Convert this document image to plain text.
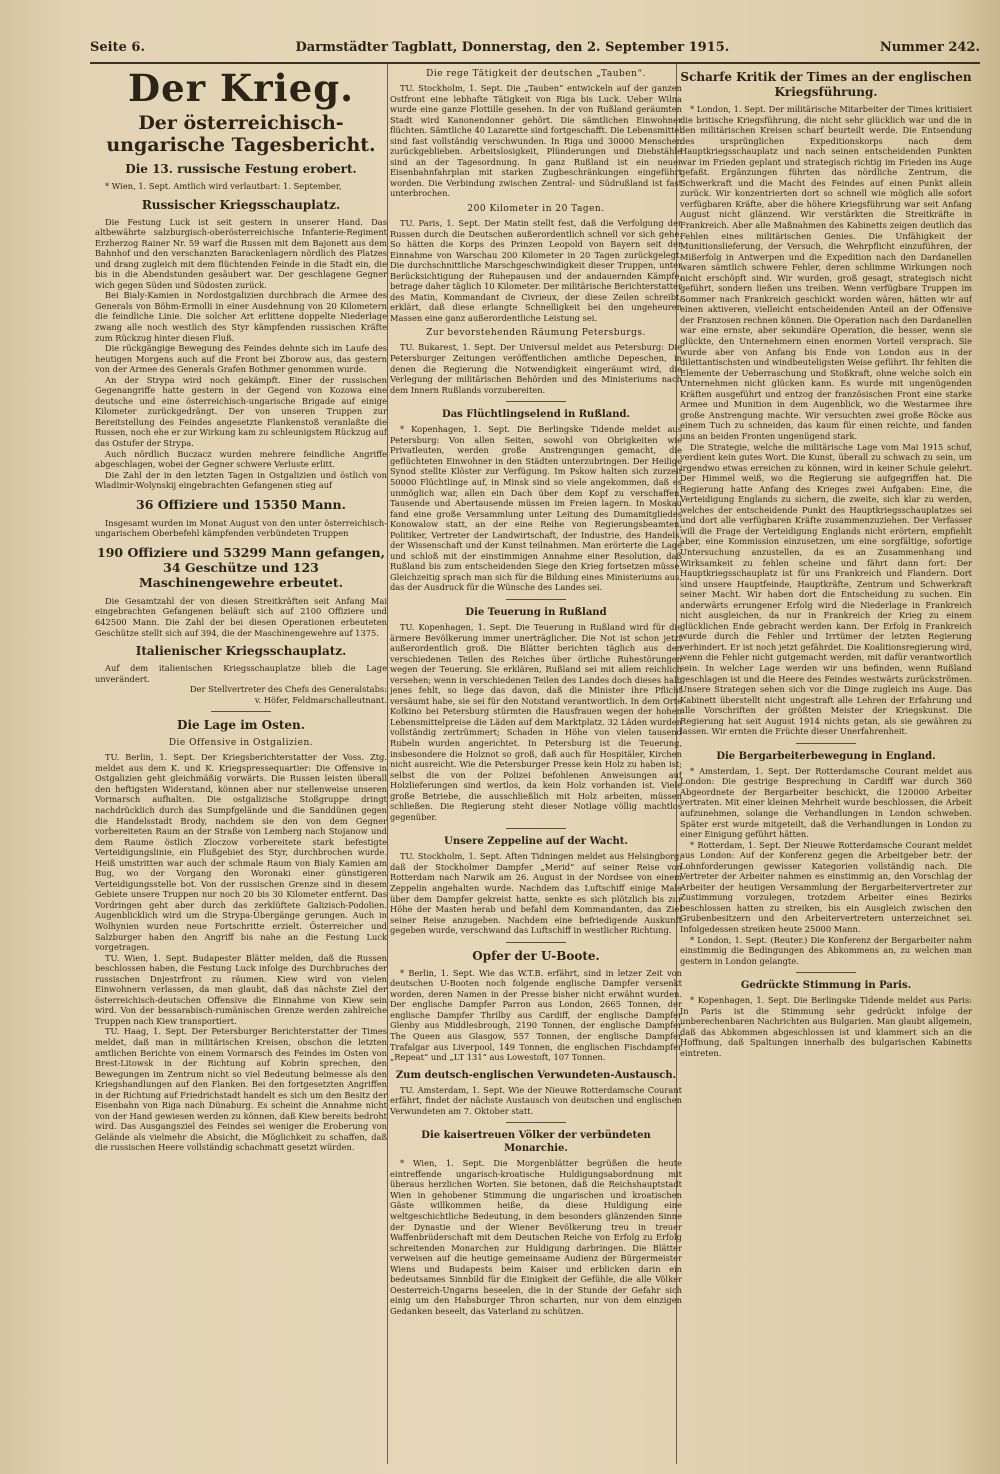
Seite 6.	Darmstädter Tagblatt, Donnerstag, den 2. September 1915.	Nummer 242.
Der Krieg.
Der österreichisch-ungarische Tagesbericht.
Die 13. russische Festung erobert.

* Wien, 1. Sept. Amtlich wird verlautbart: 1. September,

Russischer Kriegsschauplatz.

Die Festung Luck ist seit gestern in unserer Hand. Das altbewährte salzburgisch-oberösterreichische Infanterie-Regiment Erzherzog Rainer Nr. 59 warf die Russen mit dem Bajonett aus dem Bahnhof und den verschanzten Barackenlagern nördlich des Platzes und drang zugleich mit dem flüchtenden Feinde in die Stadt ein, die bis in die Abendstunden gesäubert war. Der geschlagene Gegner wich gegen Süden und Südosten zurück.

Bei Bialy-Kamien in Nordostgalizien durchbrach die Armee des Generals von Böhm-Ermolli in einer Ausdehnung von 20 Kilometern die feindliche Linie. Die solcher Art erlittene doppelte Niederlage zwang alle noch westlich des Styr kämpfenden russischen Kräfte zum Rückzug hinter diesen Fluß.

Die rückgängige Bewegung des Feindes dehnte sich im Laufe des heutigen Morgens auch auf die Front bei Zborow aus, das gestern von der Armee des Generals Grafen Bothmer genommen wurde.

An der Strypa wird noch gekämpft. Einer der russischen Gegenangriffe hatte gestern in der Gegend von Kozowa eine deutsche und eine österreichisch-ungarische Brigade auf einige Kilometer zurückgedrängt. Der von unseren Truppen zur Bereitstellung des Feindes angesetzte Flankenstoß veranlaßte die Russen, noch ehe er zur Wirkung kam zu schleunigstem Rückzug auf das Ostufer der Strypa.

Auch nördlich Buczacz wurden mehrere feindliche Angriffe abgeschlagen, wobei der Gegner schwere Verluste erlitt.

Die Zahl der in den letzten Tagen in Ostgalizien und östlich von Wladimir-Wolynskij eingebrachten Gefangenen stieg auf

36 Offiziere und 15350 Mann.

Insgesamt wurden im Monat August von den unter österreichisch-ungarischem Oberbefehl kämpfenden verbündeten Truppen

190 Offiziere und 53299 Mann gefangen, 34 Geschütze und 123 Maschinengewehre erbeutet.

Die Gesamtzahl der von diesen Streitkräften seit Anfang Mai eingebrachten Gefangenen beläuft sich auf 2100 Offiziere und 642500 Mann. Die Zahl der bei diesen Operationen erbeuteten Geschütze stellt sich auf 394, die der Maschinengewehre auf 1375.

Italienischer Kriegsschauplatz.

Auf dem italienischen Kriegsschauplatze blieb die Lage unverändert.

Der Stellvertreter des Chefs des Generalstabs:
v. Höfer, Feldmarschalleutnant.
Die Lage im Osten.
Die Offensive in Ostgalizien.

TU. Berlin, 1. Sept. Der Kriegsberichterstatter der Voss. Ztg. meldet aus dem K. und K. Kriegspressequartier: Die Offensive in Ostgalizien geht gleichmäßig vorwärts. Die Russen leisten überall den heftigsten Widerstand, können aber nur stellenweise unseren Vormarsch aufhalten. Die ostgalizische Stoßgruppe dringt nachdrücklich durch das Sumpfgelände und die Sanddünen gegen die Handelsstadt Brody, nachdem sie den von dem Gegner vorbereiteten Raum an der Straße von Lemberg nach Stojanow und dem Raume östlich Zloczow vorbereitete stark befestigte Verteidigungslinie, ein Flußgebiet des Styr, durchbrochen wurde. Heiß umstritten war auch der schmale Raum von Bialy Kamien am Bug, wo der Vorgang den Woronaki einer günstigeren Verteidigungsstelle bot. Von der russischen Grenze sind in diesem Gebiete unsere Truppen nur noch 20 bis 30 Kilometer entfernt. Das Vordringen geht aber durch das zerklüftete Galizisch-Podolien. Augenblicklich wird um die Strypa-Übergänge gerungen. Auch in Wolhynien wurden neue Fortschritte erzielt. Österreicher und Salzburger haben den Angriff bis nahe an die Festung Luck vorgetragen.

TU. Wien, 1. Sept. Budapester Blätter melden, daß die Russen beschlossen haben, die Festung Luck infolge des Durchbruches der russischen Dnjestrfront zu räumen. Kiew wird von vielen Einwohnern verlassen, da man glaubt, daß das nächste Ziel der österreichisch-deutschen Offensive die Einnahme von Kiew sein wird. Von der bessarabisch-rumänischen Grenze werden zahlreiche Truppen nach Kiew transportiert.

TU. Haag, 1. Sept. Der Petersburger Berichterstatter der Times meldet, daß man in militärischen Kreisen, obschon die letzten amtlichen Berichte von einem Vormarsch des Feindes im Osten von Brest-Litowsk in der Richtung auf Kobrin sprechen, den Bewegungen im Zentrum nicht so viel Bedeutung beimesse als den Kriegshandlungen auf den Flanken. Bei den fortgesetzten Angriffen in der Richtung auf Friedrichstadt handelt es sich um den Besitz der Eisenbahn von Riga nach Dünaburg. Es scheint die Annahme nicht von der Hand gewiesen werden zu können, daß Kiew bereits bedroht wird. Das Ausgangsziel des Feindes sei weniger die Eroberung von Gelände als vielmehr die Absicht, die Möglichkeit zu schaffen, daß die russischen Heere vollständig schachmatt gesetzt würden.

Die rege Tätigkeit der deutschen „Tauben“.

TU. Stockholm, 1. Sept. Die „Tauben“ entwickeln auf der ganzen Ostfront eine lebhafte Tätigkeit von Riga bis Luck. Ueber Wilna wurde eine ganze Flottille gesehen. In der von Rußland geräumten Stadt wird Kanonendonner gehört. Die sämtlichen Einwohner flüchten. Sämtliche 40 Lazarette sind fortgeschafft. Die Lebensmittel sind fast vollständig verschwunden. In Riga und 30000 Menschen zurückgeblieben. Arbeitslosigkeit, Plünderungen und Diebstähle sind an der Tagesordnung. In ganz Rußland ist ein neuer Eisenbahnfahrplan mit starken Zugbeschränkungen eingeführt worden. Die Verbindung zwischen Zentral- und Südrußland ist fast unterbrochen.

200 Kilometer in 20 Tagen.

TU. Paris, 1. Sept. Der Matin stellt fest, daß die Verfolgung der Russen durch die Deutschen außerordentlich schnell vor sich gehe. So hätten die Korps des Prinzen Leopold von Bayern seit der Einnahme von Warschau 200 Kilometer in 20 Tagen zurückgelegt. Die durchschnittliche Marschgeschwindigkeit dieser Truppen, unter Berücksichtigung der Ruhepausen und der andauernden Kämpfe, betrage daher täglich 10 Kilometer. Der militärische Berichterstatter des Matin, Kommandant de Civrieux, der diese Zeilen schreibt, erklärt, daß diese erlangte Schnelligkeit bei den ungeheuren Massen eine ganz außerordentliche Leistung sei.

Zur bevorstehenden Räumung Petersburgs.

TU. Bukarest, 1. Sept. Der Universul meldet aus Petersburg: Die Petersburger Zeitungen veröffentlichen amtliche Depeschen, in denen die Regierung die Notwendigkeit eingeräumt wird, die Verlegung der militärischen Behörden und des Ministeriums nach dem Innern Rußlands vorzubereiten.

Das Flüchtlingselend in Rußland.

* Kopenhagen, 1. Sept. Die Berlingske Tidende meldet aus Petersburg: Von allen Seiten, sowohl von Obrigkeiten wie Privatleuten, werden große Anstrengungen gemacht, die geflüchteten Einwohner in den Städten unterzubringen. Der Heilige Synod stellte Klöster zur Verfügung. Im Pskow halten sich zurzeit 50000 Flüchtlinge auf, in Minsk sind so viele angekommen, daß es unmöglich war, allen ein Dach über dem Kopf zu verschaffen. Tausende und Abertausende müssen im Freien lagern. In Moskau fand eine große Versammlung unter Leitung des Dumamitgliedes Konowalow statt, an der eine Reihe von Regierungsbeamten, Politiker, Vertreter der Landwirtschaft, der Industrie, des Handels, der Wissenschaft und der Kunst teilnahmen. Man erörterte die Lage und schloß mit der einstimmigen Annahme einer Resolution, daß Rußland bis zum entscheidenden Siege den Krieg fortsetzen müsse. Gleichzeitig sprach man sich für die Bildung eines Ministeriums aus, das der Ausdruck für die Wünsche des Landes sei.

Die Teuerung in Rußland

TU. Kopenhagen, 1. Sept. Die Teuerung in Rußland wird für die ärmere Bevölkerung immer unerträglicher. Die Not ist schon jetzt außerordentlich groß. Die Blätter berichten täglich aus den verschiedenen Teilen des Reiches über örtliche Ruhestörungen wegen der Teuerung. Sie erklären, Rußland sei mit allem reichlich versehen; wenn in verschiedenen Teilen des Landes doch dieses halb jenes fehlt, so liege das davon, daß die Minister ihre Pflicht versäumt habe, sie sei für den Notstand verantwortlich. In dem Orte Kolkino bei Petersburg stürmten die Hausfrauen wegen der hohen Lebensmittelpreise die Läden auf dem Marktplatz. 32 Läden wurden vollständig zertrümmert; Schaden in Höhe von vielen tausend Rubeln wurden angerichtet. In Petersburg ist die Teuerung, insbesondere die Holznot so groß, daß auch für Hospitäler, Kirchen nicht ausreicht. Wie die Petersburger Presse kein Holz zu haben ist; selbst die von der Polizei befohlenen Anweisungen auf Holzlieferungen sind wertlos, da kein Holz vorhanden ist. Viele große Betriebe, die ausschließlich mit Holz arbeiten, müssen schließen. Die Regierung steht dieser Notlage völlig machtlos gegenüber.

Unsere Zeppeline auf der Wacht.

TU. Stockholm, 1. Sept. Aften Tidningen meldet aus Helsingborg, daß der Stockholmer Dampfer „Merid“ auf seiner Reise von Rotterdam nach Narwik am 26. August in der Nordsee von einem Zeppelin angehalten wurde. Nachdem das Luftschiff einige Male über dem Dampfer gekreist hatte, senkte es sich plötzlich bis zur Höhe der Masten herab und befahl dem Kommandanten, das Ziel seiner Reise anzugeben. Nachdem eine befriedigende Auskunft gegeben wurde, verschwand das Luftschiff in westlicher Richtung.

Opfer der U-Boote.

* Berlin, 1. Sept. Wie das W.T.B. erfährt, sind in letzer Zeit von deutschen U-Booten noch folgende englische Dampfer versenkt worden, deren Namen in der Presse bisher nicht erwähnt wurden. Der englische Dampfer Parron aus London, 2665 Tonnen, der englische Dampfer Thrilby aus Cardiff, der englische Dampfer Glenby aus Middlesbrough, 2190 Tonnen, der englische Dampfer The Queen aus Glasgow, 557 Tonnen, der englische Dampfer Trafalgar aus Liverpool, 149 Tonnen, die englischen Fischdampfer „Repeat“ und „LT 131“ aus Lowestoft, 107 Tonnen.

Zum deutsch-englischen Verwundeten-Austausch.

TU. Amsterdam, 1. Sept. Wie der Nieuwe Rotterdamsche Courant erfährt, findet der nächste Austausch von deutschen und englischen Verwundeten am 7. Oktober statt.

Die kaisertreuen Völker der verbündeten Monarchie.

* Wien, 1. Sept. Die Morgenblätter begrüßen die heute eintreffende ungarisch-kroatische Huldigungsabordnung mit überaus herzlichen Worten. Sie betonen, daß die Reichshauptstadt Wien in gehobener Stimmung die ungarischen und kroatischen Gäste willkommen heiße, da diese Huldigung eine weltgeschichtliche Bedeutung, in dem besonders glänzenden Sinne der Dynastie und der Wiener Bevölkerung treu in treuer Waffenbrüderschaft mit dem Deutschen Reiche von Erfolg zu Erfolg schreitenden Monarchen zur Huldigung darbringen. Die Blätter verweisen auf die heutige gemeinsame Audienz der Bürgermeister Wiens und Budapests beim Kaiser und erblicken darin ein bedeutsames Sinnbild für die Einigkeit der Gefühle, die alle Völker Oesterreich-Ungarns beseelen, die in der Stunde der Gefahr sich einig um den Habsburger Thron scharten, nur von dem einzigen Gedanken beseelt, das Vaterland zu schützen.

Scharfe Kritik der Times an der englischen Kriegsführung.

* London, 1. Sept. Der militärische Mitarbeiter der Times kritisiert die britische Kriegsführung, die nicht sehr glücklich war und die in den militärischen Kreisen scharf beurteilt werde. Die Entsendung des ursprünglichen Expeditionskorps nach dem Hauptkriegsschauplatz und nach seinen entscheidenden Punkten war im Frieden geplant und strategisch richtig im Frieden ins Auge gefaßt. Ergänzungen führten das nördliche Zentrum, die Schwerkraft und die Macht des Feindes auf einen Punkt allein zurück. Wir konzentrierten dort so schnell wie möglich alle sofort verfügbaren Kräfte, aber die höhere Kriegsführung war seit Anfang August nicht glänzend. Wir verstärkten die Streitkräfte in Frankreich. Aber alle Maßnahmen des Kabinetts zeigen deutlich das Fehlen eines militärischen Genies. Die Unfähigkeit der Munitionslieferung, der Versuch, die Wehrpflicht einzuführen, der Mißerfolg in Antwerpen und die Expedition nach den Dardanellen waren sämtlich schwere Fehler, deren schlimme Wirkungen noch nicht erschöpft sind. Wir wurden, groß gesagt, strategisch nicht geführt, sondern ließen uns treiben. Wenn verfügbare Truppen im Sommer nach Frankreich geschickt worden wären, hätten wir auf einen aktiveren, vielleicht entscheidenden Anteil an der Offensive der Franzosen rechnen können. Die Operation nach den Dardanellen war eine ernste, aber sekundäre Operation, die besser, wenn sie glückte, den Unternehmern einen enormen Vorteil versprach. Sie wurde aber von Anfang bis Ende von London aus in der dilettantischsten und windbeuteligsten Weise geführt. Ihr fehlten die Elemente der Ueberraschung und Stoßkraft, ohne welche solch ein Unternehmen nicht glücken kann. Es wurde mit ungenügenden Kräften ausgeführt und entzog der französischen Front eine starke Armee und Munition in dem Augenblick, wo die Westarmee ihre große Anstrengung machte. Wir versuchten zwei große Röcke aus einem Tuch zu schneiden, das kaum für einen reichte, und fanden uns an beiden Fronten ungenügend stark.

Die Strategie, welche die militärische Lage vom Mai 1915 schuf, verdient kein gutes Wort. Die Kunst, überall zu schwach zu sein, um irgendwo etwas erreichen zu können, wird in keiner Schule gelehrt. Der Himmel weiß, wo die Regierung sie aufgegriffen hat. Die Regierung hatte Anfang des Krieges zwei Aufgaben: Eine, die Verteidigung Englands zu sichern, die zweite, sich klar zu werden, welches der entscheidende Punkt des Hauptkriegsschauplatzes sei und dort alle verfügbaren Kräfte zusammenzuziehen. Der Verfasser will die Frage der Verteidigung Englands nicht erörtern, empfiehlt aber, eine Kommission einzusetzen, um eine sorgfältige, sofortige Untersuchung anzustellen, da es an Zusammenhang und Wirksamkeit zu fehlen scheine und fährt dann fort: Der Hauptkriegsschauplatz ist für uns Frankreich und Flandern. Dort sind unsere Hauptfeinde, Hauptkräfte, Zentrum und Schwerkraft seiner Macht. Wir haben dort die Entscheidung zu suchen. Ein anderwärts errungener Erfolg wird die Niederlage in Frankreich nicht ausgleichen, da nur in Frankreich der Krieg zu einem glücklichen Ende gebracht werden kann. Der Erfolg in Frankreich wurde durch die Fehler und Irrtümer der letzten Regierung verhindert. Er ist noch jetzt gefährdet. Die Koalitionsregierung wird, wenn die Fehler nicht gutgemacht werden, mit dafür verantwortlich sein. In welcher Lage werden wir uns befinden, wenn Rußland geschlagen ist und die Heere des Feindes westwärts zurückströmen. Unsere Strategen sehen sich vor die Dinge zugleich ins Auge. Das Kabinett überstellt nicht ungestraft alle Lehren der Erfahrung und alle Vorschriften der größten Meister der Kriegskunst. Die Regierung hat seit August 1914 nichts getan, als sie gewähren zu lassen. Wir ernten die Früchte dieser Unerfahrenheit.

Die Bergarbeiterbewegung in England.

* Amsterdam, 1. Sept. Der Rotterdamsche Courant meldet aus London: Die gestrige Besprechung in Cardiff war durch 360 Abgeordnete der Bergarbeiter beschickt, die 120000 Arbeiter vertraten. Mit einer kleinen Mehrheit wurde beschlossen, die Arbeit aufzunehmen, solange die Verhandlungen in London schweben. Später erst wurde mitgeteilt, daß die Verhandlungen in London zu einer Einigung geführt hätten.

* Rotterdam, 1. Sept. Der Nieuwe Rotterdamsche Courant meldet aus London: Auf der Konferenz gegen die Arbeitgeber betr. der Lohnforderungen gewisser Kategorien vollständig nach. Die Vertreter der Arbeiter nahmen es einstimmig an, den Vorschlag der Arbeiter der heutigen Versammlung der Bergarbeitervertreter zur Zustimmung vorzulegen, trotzdem Arbeiter eines Bezirks beschlossen hatten zu streiken, bis ein Ausgleich zwischen den Grubenbesitzern und den Arbeitervertretern unterzeichnet sei. Infolgedessen streiken heute 25000 Mann.

* London, 1. Sept. (Reuter.) Die Konferenz der Bergarbeiter nahm einstimmig die Bedingungen des Abkommens an, zu welchen man gestern in London gelangte.

Gedrückte Stimmung in Paris.

* Kopenhagen, 1. Sept. Die Berlingske Tidende meldet aus Paris: In Paris ist die Stimmung sehr gedrückt infolge der unberechenbaren Nachrichten aus Bulgarien. Man glaubt allgemein, daß das Abkommen abgeschlossen ist und klammert sich an die Hoffnung, daß Spaltungen innerhalb des bulgarischen Kabinetts eintreten.
